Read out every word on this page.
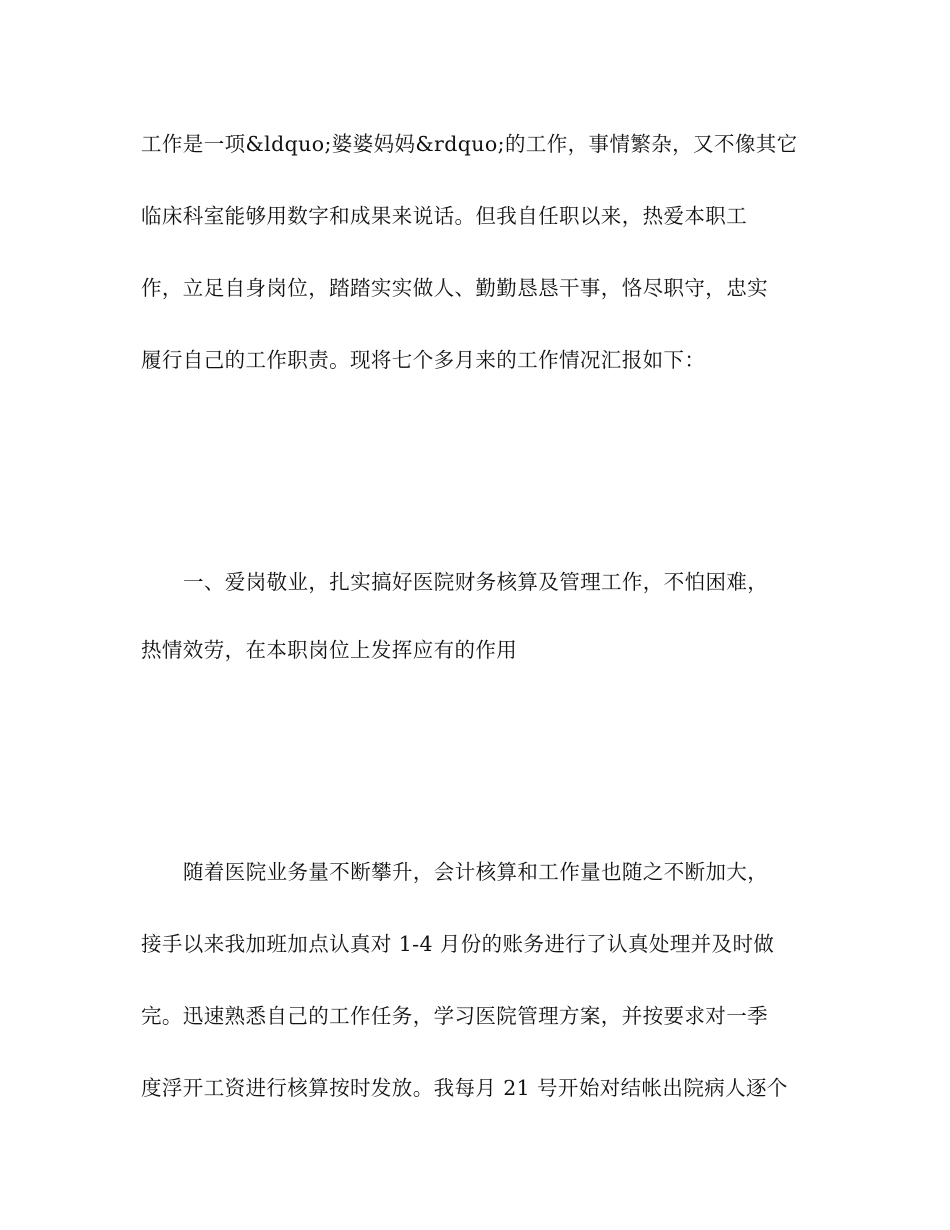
工作是一项&ldquo;婆婆妈妈&rdquo;的工作，事情繁杂，又不像其它
临床科室能够用数字和成果来说话。但我自任职以来，热爱本职工
作，立足自身岗位，踏踏实实做人、勤勤恳恳干事，恪尽职守，忠实
履行自己的工作职责。现将七个多月来的工作情况汇报如下：
一、爱岗敬业，扎实搞好医院财务核算及管理工作，不怕困难，
热情效劳，在本职岗位上发挥应有的作用
随着医院业务量不断攀升，会计核算和工作量也随之不断加大，
接手以来我加班加点认真对 1-4 月份的账务进行了认真处理并及时做
完。迅速熟悉自己的工作任务，学习医院管理方案，并按要求对一季
度浮开工资进行核算按时发放。我每月 21 号开始对结帐出院病人逐个
